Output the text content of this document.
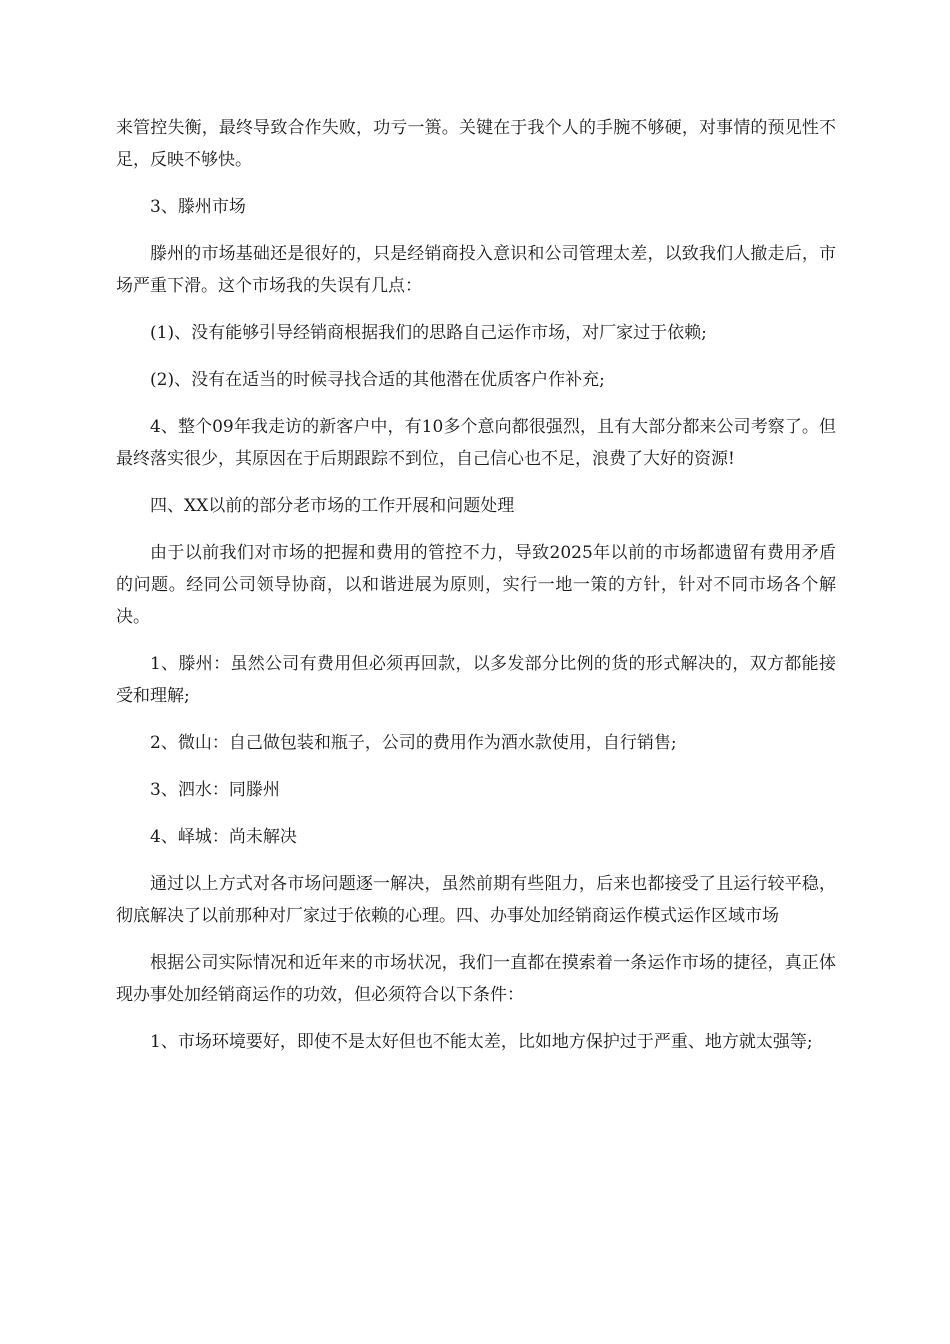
来管控失衡，最终导致合作失败，功亏一篑。关键在于我个人的手腕不够硬，对事情的预见性不足，反映不够快。

3、滕州市场

滕州的市场基础还是很好的，只是经销商投入意识和公司管理太差，以致我们人撤走后，市场严重下滑。这个市场我的失误有几点：

(1)、没有能够引导经销商根据我们的思路自己运作市场，对厂家过于依赖;

(2)、没有在适当的时候寻找合适的其他潜在优质客户作补充;

4、整个09年我走访的新客户中，有10多个意向都很强烈，且有大部分都来公司考察了。但最终落实很少，其原因在于后期跟踪不到位，自己信心也不足，浪费了大好的资源!

四、XX以前的部分老市场的工作开展和问题处理

由于以前我们对市场的把握和费用的管控不力，导致2025年以前的市场都遗留有费用矛盾的问题。经同公司领导协商，以和谐进展为原则，实行一地一策的方针，针对不同市场各个解决。

1、滕州：虽然公司有费用但必须再回款，以多发部分比例的货的形式解决的，双方都能接受和理解;

2、微山：自己做包装和瓶子，公司的费用作为酒水款使用，自行销售;

3、泗水：同滕州

4、峄城：尚未解决

通过以上方式对各市场问题逐一解决，虽然前期有些阻力，后来也都接受了且运行较平稳，彻底解决了以前那种对厂家过于依赖的心理。四、办事处加经销商运作模式运作区域市场

根据公司实际情况和近年来的市场状况，我们一直都在摸索着一条运作市场的捷径，真正体现办事处加经销商运作的功效，但必须符合以下条件：

1、市场环境要好，即使不是太好但也不能太差，比如地方保护过于严重、地方就太强等;
